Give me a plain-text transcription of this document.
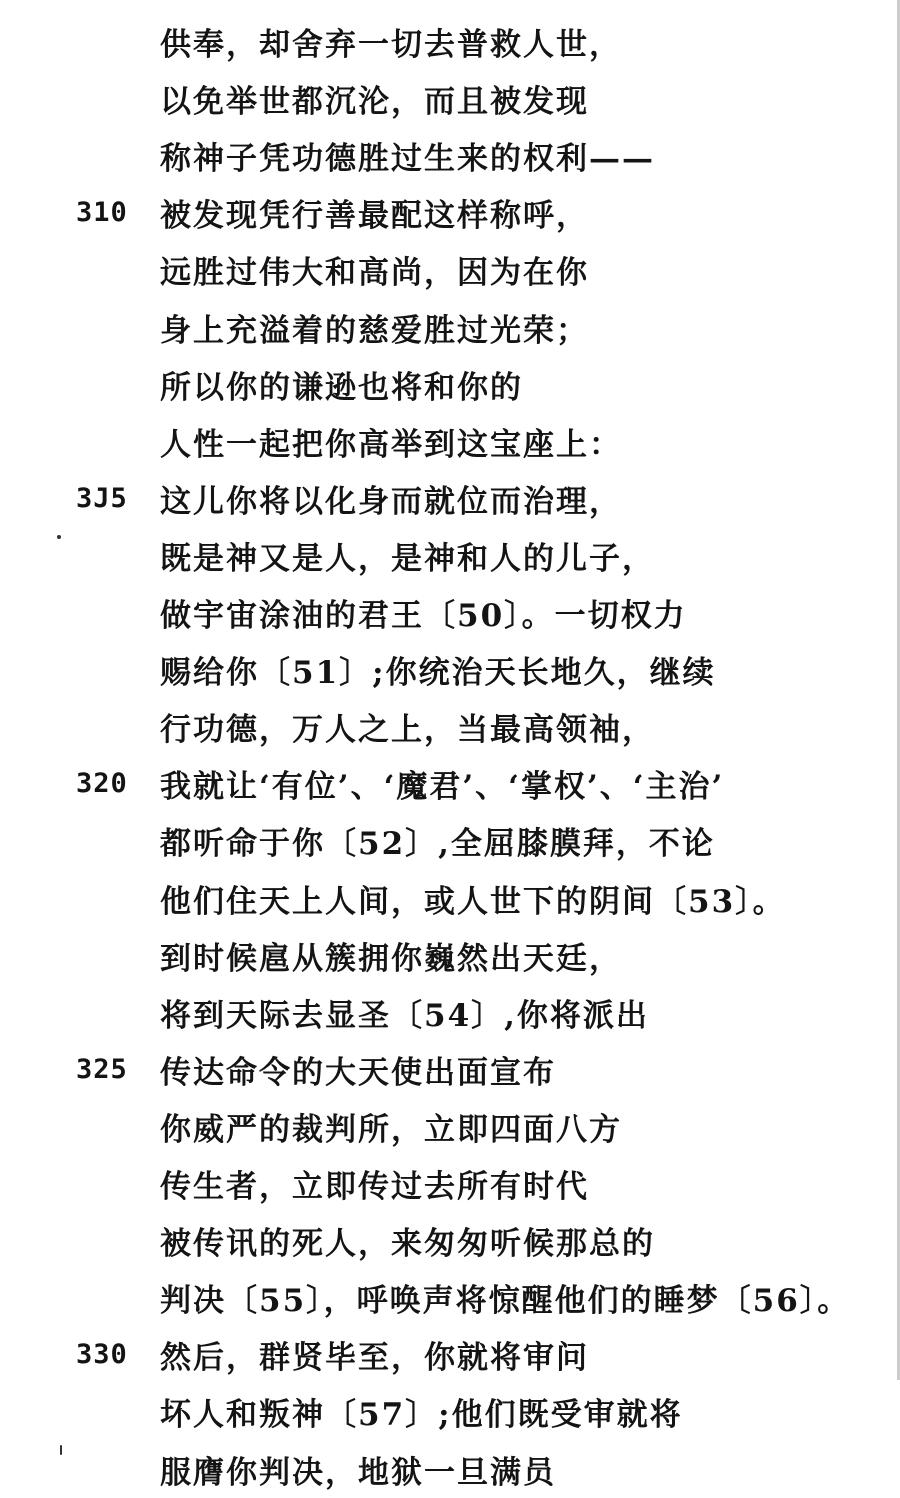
供奉，却舍弃一切去普救人世，
以免举世都沉沦，而且被发现
称神子凭功德胜过生来的权利——
310	被发现凭行善最配这样称呼，
远胜过伟大和高尚，因为在你
身上充溢着的慈爱胜过光荣；
所以你的谦逊也将和你的
人性一起把你高举到这宝座上：
3J5	这儿你将以化身而就位而治理，
既是神又是人，是神和人的儿子，
做宇宙涂油的君王〔50〕。一切权力
赐给你〔51〕;你统治天长地久，继续
行功德，万人之上，当最高领袖，
320	我就让‘有位’、‘魔君’、‘掌权’、‘主治’
都听命于你〔52〕,全屈膝膜拜，不论
他们住天上人间，或人世下的阴间〔53〕。
到时候扈从簇拥你巍然出天廷，
将到天际去显圣〔54〕,你将派出
325	传达命令的大天使出面宣布
你威严的裁判所，立即四面八方
传生者，立即传过去所有时代
被传讯的死人，来匆匆听候那总的
判决〔55〕，呼唤声将惊醒他们的睡梦〔56〕。
330	然后，群贤毕至，你就将审问
坏人和叛神〔57〕;他们既受审就将
服膺你判决，地狱一旦满员
